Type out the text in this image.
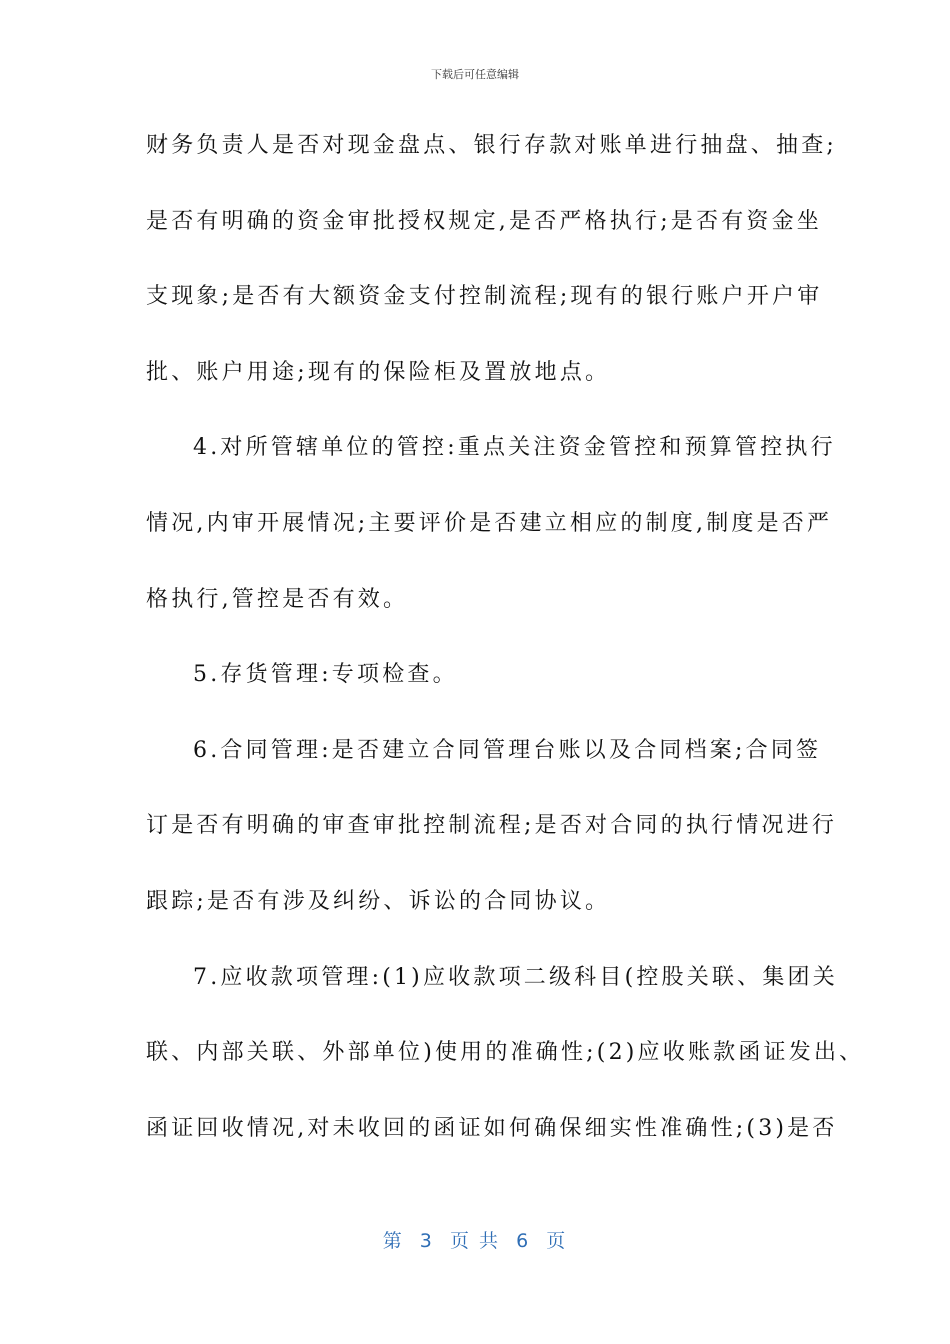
下载后可任意编辑
财务负责人是否对现金盘点、银行存款对账单进行抽盘、抽查;
是否有明确的资金审批授权规定,是否严格执行;是否有资金坐
支现象;是否有大额资金支付控制流程;现有的银行账户开户审
批、账户用途;现有的保险柜及置放地点。
4.对所管辖单位的管控:重点关注资金管控和预算管控执行
情况,内审开展情况;主要评价是否建立相应的制度,制度是否严
格执行,管控是否有效。
5.存货管理:专项检查。
6.合同管理:是否建立合同管理台账以及合同档案;合同签
订是否有明确的审查审批控制流程;是否对合同的执行情况进行
跟踪;是否有涉及纠纷、诉讼的合同协议。
7.应收款项管理:(1)应收款项二级科目(控股关联、集团关
联、内部关联、外部单位)使用的准确性;(2)应收账款函证发出、
函证回收情况,对未收回的函证如何确保细实性准确性;(3)是否
第  3  页 共  6  页
